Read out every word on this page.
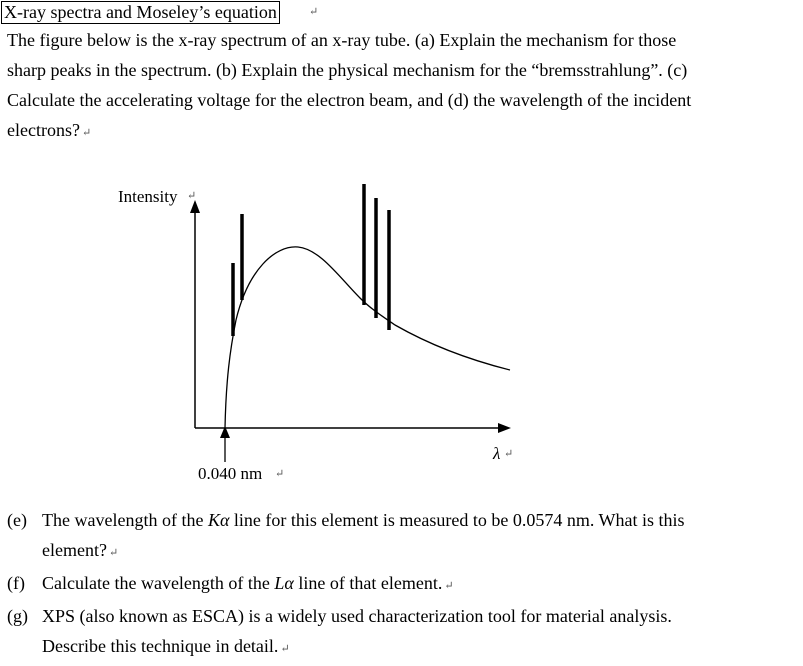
X-ray spectra and Moseley’s equation	↵
The figure below is the x-ray spectrum of an x-ray tube. (a) Explain the mechanism for those
sharp peaks in the spectrum. (b) Explain the physical mechanism for the “bremsstrahlung”. (c)
Calculate the accelerating voltage for the electron beam, and (d) the wavelength of the incident
electrons? ↵
Intensity ↵
λ ↵
0.040 nm ↵
(e) The wavelength of the Kα line for this element is measured to be 0.0574 nm. What is this
element? ↵
(f) Calculate the wavelength of the Lα line of that element. ↵
(g) XPS (also known as ESCA) is a widely used characterization tool for material analysis.
Describe this technique in detail. ↵
